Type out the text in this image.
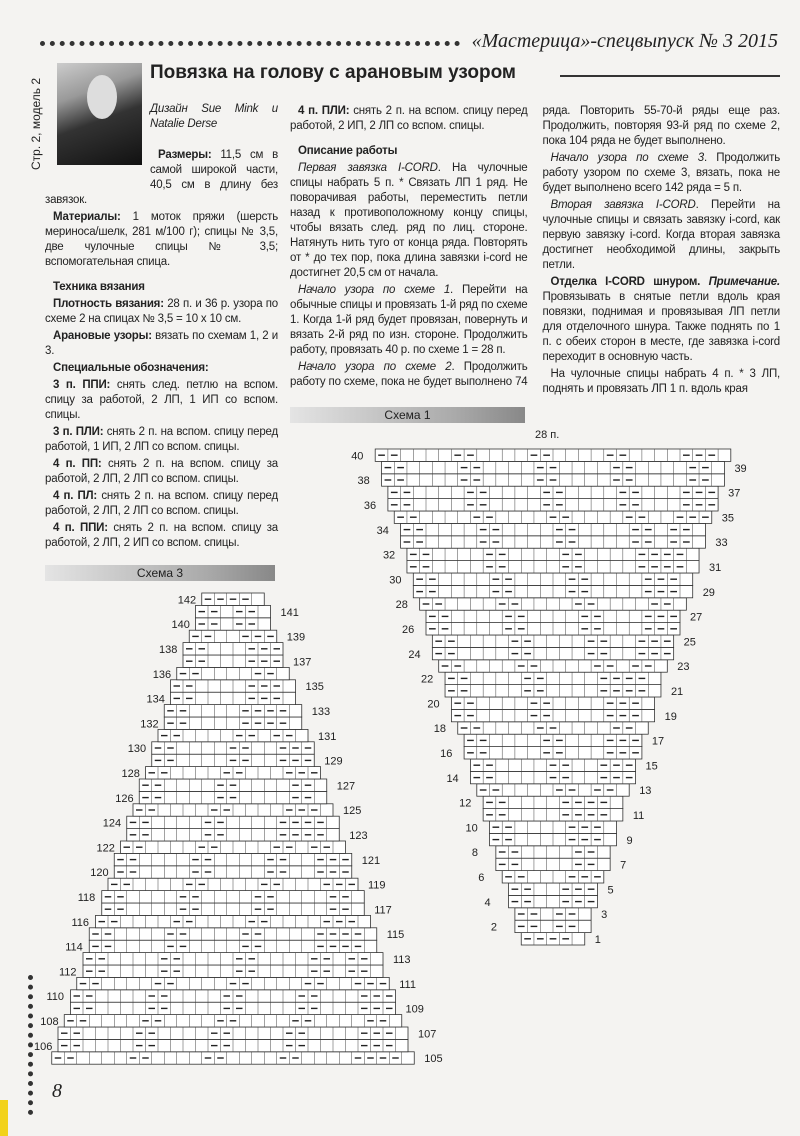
«Мастерица»-спецвыпуск № 3 2015
Стр. 2, модель 2
Повязка на голову с арановым узором
Дизайн Sue Mink и Natalie Derse

Размеры: 11,5 см в самой широкой части, 40,5 см в длину без завязок.

Материалы: 1 моток пряжи (шерсть мериноса/шелк, 281 м/100 г); спицы № 3,5, две чулочные спицы № 3,5; вспомогательная спица.

Техника вязания

Плотность вязания: 28 п. и 36 р. узора по схеме 2 на спицах № 3,5 = 10 х 10 см.

Арановые узоры: вязать по схемам 1, 2 и 3.

Специальные обозначения:

3 п. ППИ: снять след. петлю на вспом. спицу за работой, 2 ЛП, 1 ИП со вспом. спицы.

3 п. ПЛИ: снять 2 п. на вспом. спицу перед работой, 1 ИП, 2 ЛП со вспом. спицы.

4 п. ПП: снять 2 п. на вспом. спицу за работой, 2 ЛП, 2 ЛП со вспом. спицы.

4 п. ПЛ: снять 2 п. на вспом. спицу перед работой, 2 ЛП, 2 ЛП со вспом. спицы.

4 п. ППИ: снять 2 п. на вспом. спицу за работой, 2 ЛП, 2 ИП со вспом. спицы.

Схема 3

4 п. ПЛИ: снять 2 п. на вспом. спицу перед работой, 2 ИП, 2 ЛП со вспом. спицы.

Описание работы

Первая завязка I-CORD. На чулочные спицы набрать 5 п. * Связать ЛП 1 ряд. Не поворачивая работы, переместить петли назад к противоположному концу спицы, чтобы вязать след. ряд по лиц. стороне. Натянуть нить туго от конца ряда. Повторять от * до тех пор, пока длина завязки i-cord не достигнет 20,5 см от начала.

Начало узора по схеме 1. Перейти на обычные спицы и провязать 1-й ряд по схеме 1. Когда 1-й ряд будет провязан, повернуть и вязать 2-й ряд по изн. стороне. Продолжить работу, провязать 40 р. по схеме 1 = 28 п.

Начало узора по схеме 2. Продолжить работу по схеме, пока не будет выполнено 74 ряда. Повторить 55-70-й ряды еще раз. Продолжить, повторяя 93-й ряд по схеме 2, пока 104 ряда не будет выполнено.

Начало узора по схеме 3. Продолжить работу узором по схеме 3, вязать, пока не будет выполнено всего 142 ряда = 5 п.

Вторая завязка I-CORD. Перейти на чулочные спицы и связать завязку i-cord, как первую завязку i-cord. Когда вторая завязка достигнет необходимой длины, закрыть петли.

Отделка I-CORD шнуром. Примечание. Провязывать в снятые петли вдоль края повязки, поднимая и провязывая ЛП петли для отделочного шнура. Также поднять по 1 п. с обеих сторон в месте, где завязка i-cord переходит в основную часть.

На чулочные спицы набрать 4 п. * 3 ЛП, поднять и провязать ЛП 1 п. вдоль края

Схема 1
28 п.
1
2
3
4
5
6
7
8
9
10
11
12
13
14
15
16
17
18
19
20
21
22
23
24
25
26
27
28
29
30
31
32
33
34
35
36
37
38
39
40
105
106
107
108
109
110
111
112
113
114
115
116
117
118
119
120
121
122
123
124
125
126
127
128
129
130
131
132
133
134
135
136
137
138
139
140
141
142
8
